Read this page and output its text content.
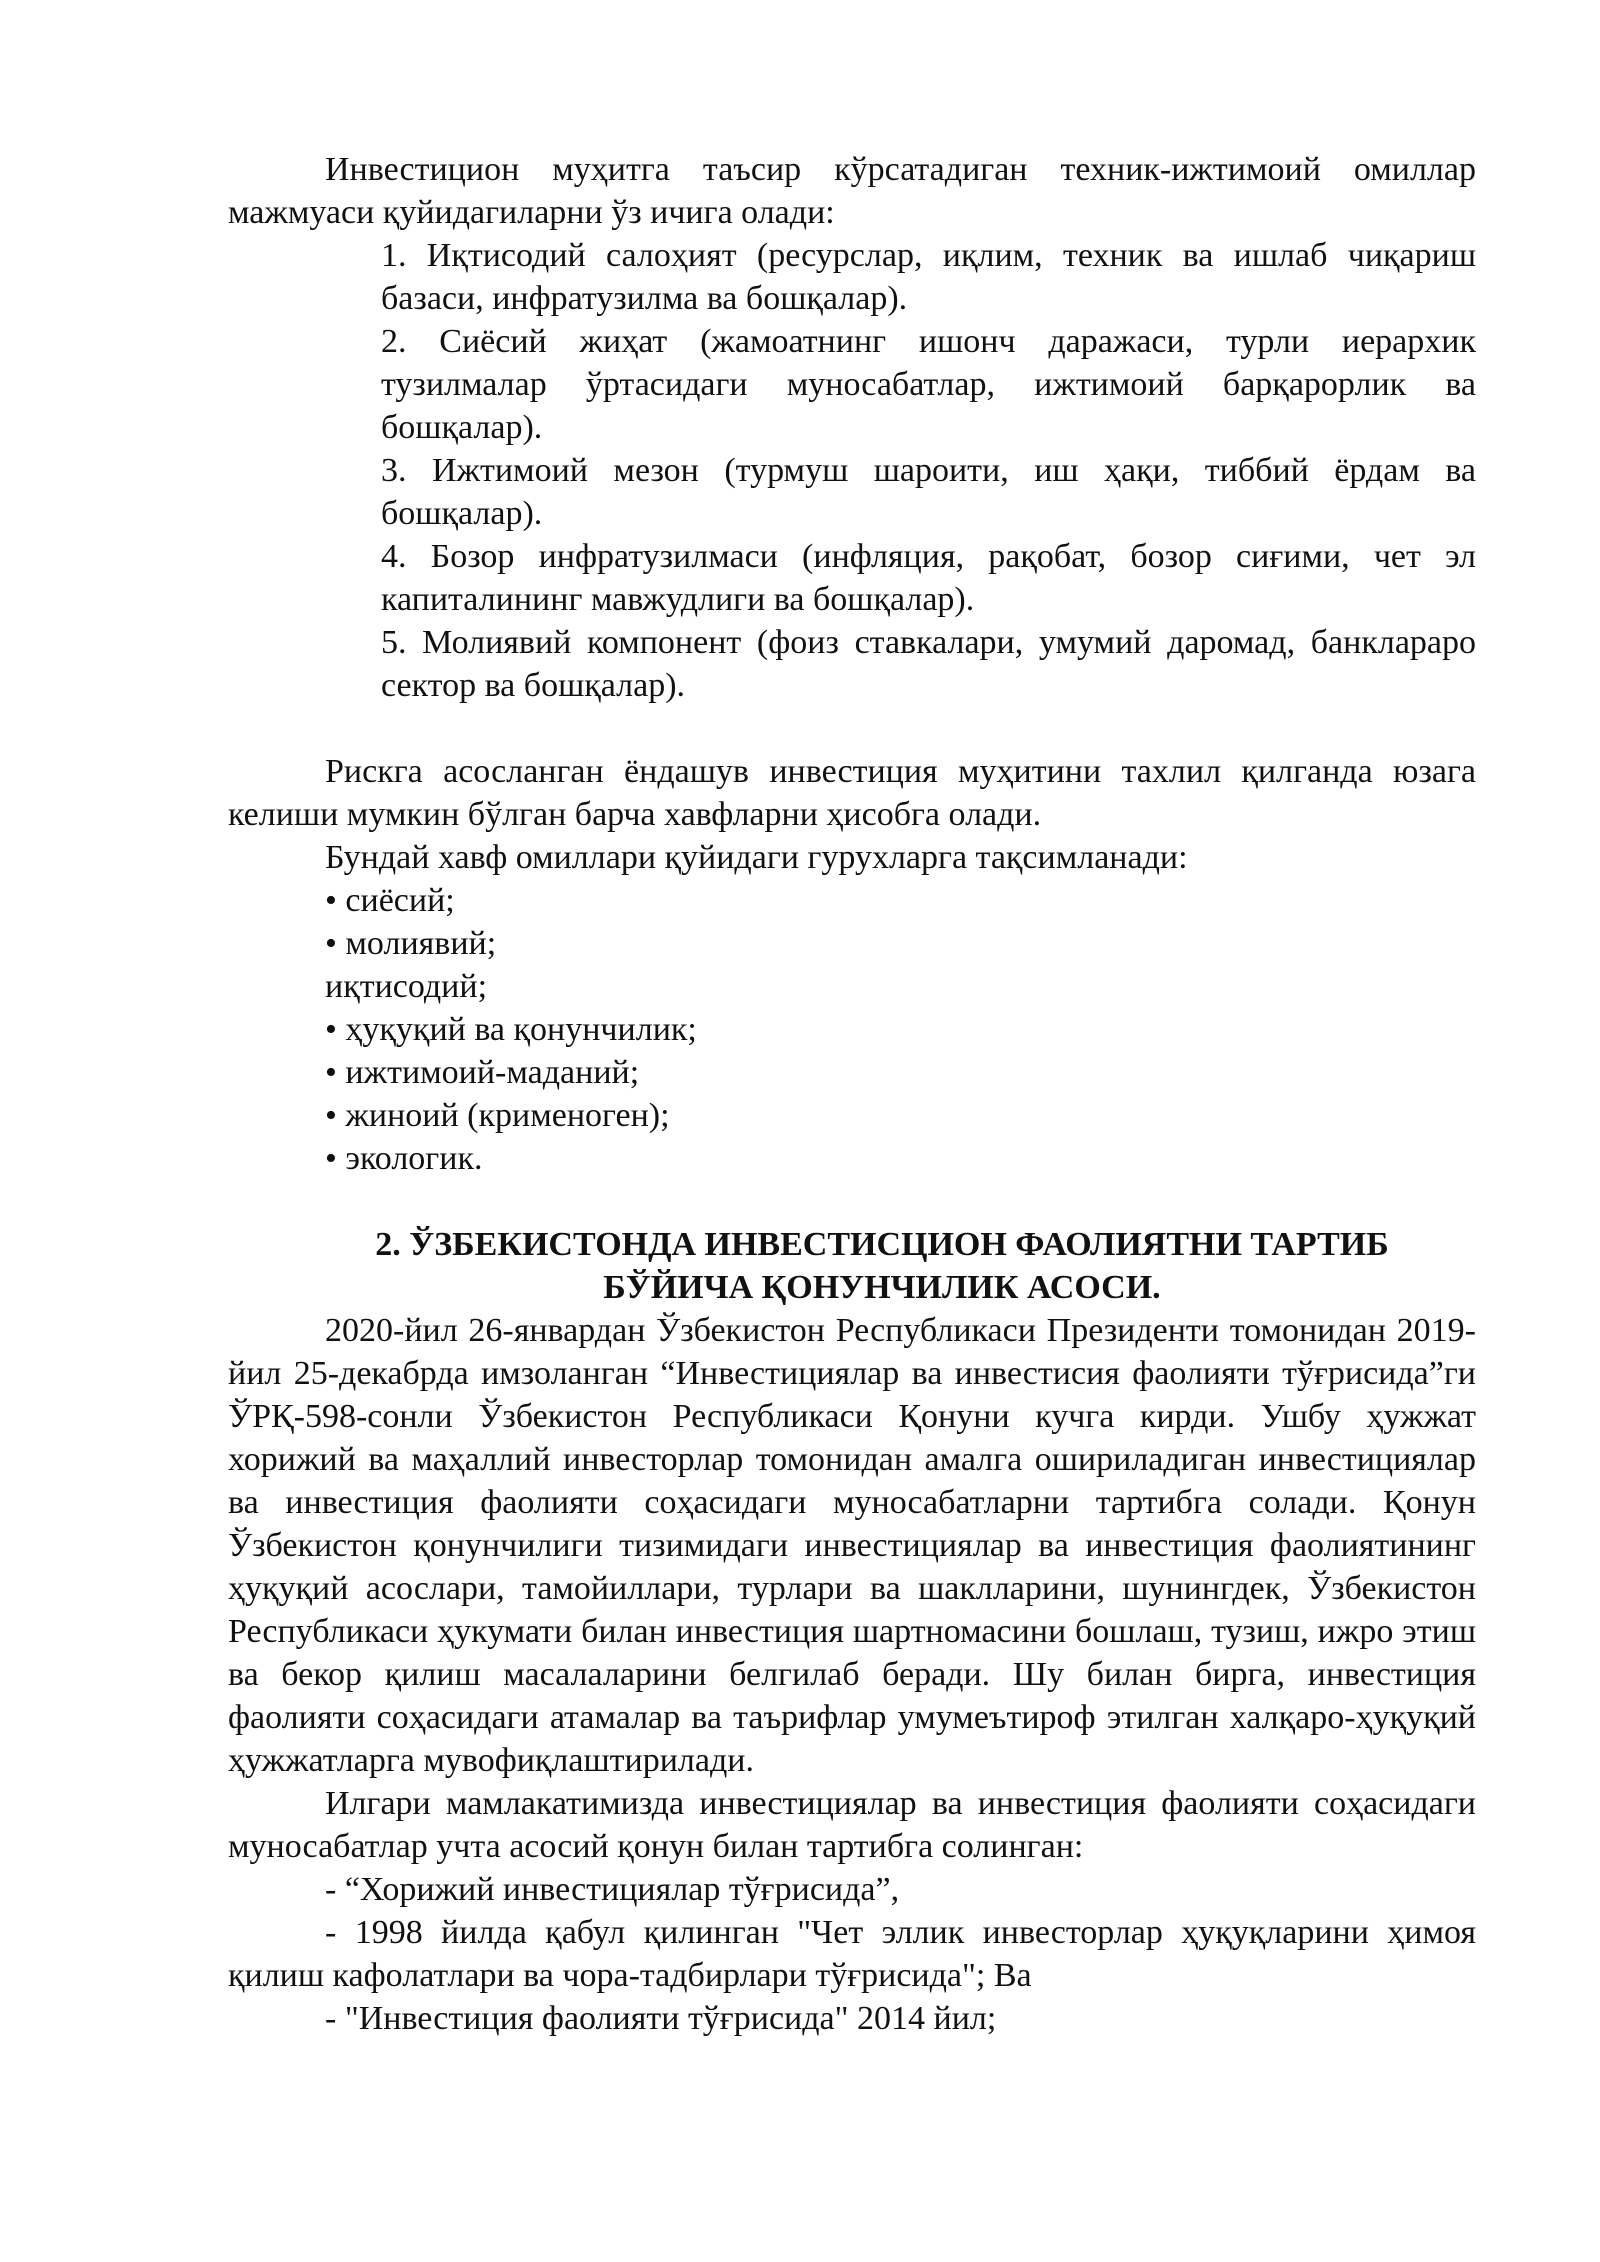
Инвестицион муҳитга таъсир кўрсатадиган техник-ижтимоий омиллар мажмуаси қуйидагиларни ўз ичига олади:

1. Иқтисодий салоҳият (ресурслар, иқлим, техник ва ишлаб чиқариш базаси, инфратузилма ва бошқалар).

2. Сиёсий жиҳат (жамоатнинг ишонч даражаси, турли иерархик тузилмалар ўртасидаги муносабатлар, ижтимоий барқарорлик ва бошқалар).

3. Ижтимоий мезон (турмуш шароити, иш ҳақи, тиббий ёрдам ва бошқалар).

4. Бозор инфратузилмаси (инфляция, рақобат, бозор сиғими, чет эл капиталининг мавжудлиги ва бошқалар).

5. Молиявий компонент (фоиз ставкалари, умумий даромад, банклараро сектор ва бошқалар).

Рискга асосланган ёндашув инвестиция муҳитини тахлил қилганда юзага келиши мумкин бўлган барча хавфларни ҳисобга олади.

Бундай хавф омиллари қуйидаги гурухларга тақсимланади:

• сиёсий;

• молиявий;

иқтисодий;

• ҳуқуқий ва қонунчилик;

• ижтимоий-маданий;

• жиноий (крименоген);

• экологик.

2. ЎЗБЕКИСТОНДА ИНВЕСТИСЦИОН ФАОЛИЯТНИ ТАРТИБ

БЎЙИЧА ҚОНУНЧИЛИК АСОСИ.

2020-йил 26-январдан Ўзбекистон Республикаси Президенти томонидан 2019-йил 25-декабрда имзоланган “Инвестициялар ва инвестисия фаолияти тўғрисида”ги ЎРҚ-598-сонли Ўзбекистон Республикаси Қонуни кучга кирди. Ушбу ҳужжат хорижий ва маҳаллий инвесторлар томонидан амалга ошириладиган инвестициялар ва инвестиция фаолияти соҳасидаги муносабатларни тартибга солади. Қонун Ўзбекистон қонунчилиги тизимидаги инвестициялар ва инвестиция фаолиятининг ҳуқуқий асослари, тамойиллари, турлари ва шаклларини, шунингдек, Ўзбекистон Республикаси ҳукумати билан инвестиция шартномасини бошлаш, тузиш, ижро этиш ва бекор қилиш масалаларини белгилаб беради. Шу билан бирга, инвестиция фаолияти соҳасидаги атамалар ва таърифлар умумеътироф этилган халқаро-ҳуқуқий ҳужжатларга мувофиқлаштирилади.

Илгари мамлакатимизда инвестициялар ва инвестиция фаолияти соҳасидаги муносабатлар учта асосий қонун билан тартибга солинган:

- “Хорижий инвестициялар тўғрисида”,

- 1998 йилда қабул қилинган "Чет эллик инвесторлар ҳуқуқларини ҳимоя қилиш кафолатлари ва чора-тадбирлари тўғрисида"; Ва

- "Инвестиция фаолияти тўғрисида" 2014 йил;
